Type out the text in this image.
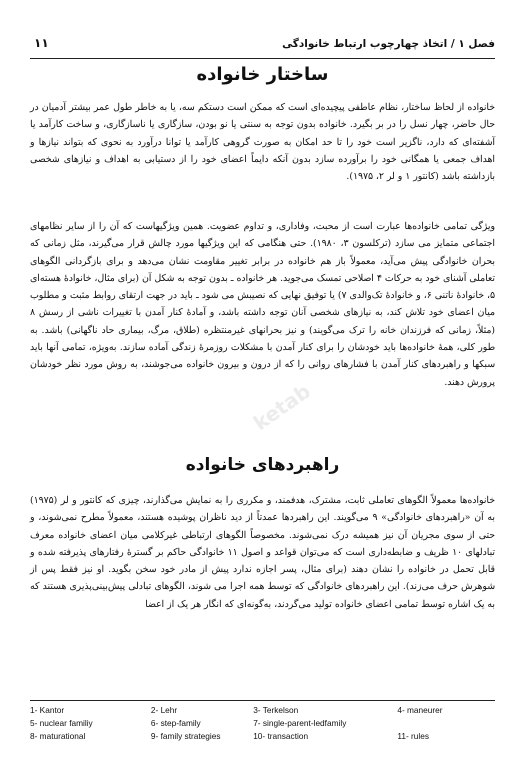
فصل ۱ / اتخاذ چهارچوب ارتباط خانوادگی
۱۱
ساختار خانواده

خانواده از لحاظ ساختار، نظام عاطفی پیچیده‌ای است که ممکن است دستکم سه، یا به خاطر طول عمر بیشتر آدمیان در حال حاضر، چهار نسل را در بر بگیرد. خانواده بدون توجه به سنتی یا نو بودن، سازگاری یا ناسازگاری، و ساخت کارآمد یا آشفته‌ای که دارد، ناگزیر است خود را تا حد امکان به صورت گروهی کارآمد یا توانا درآورد به نحوی که بتواند نیازها و اهداف جمعی یا همگانی خود را برآورده سازد بدون آنکه دایماً اعضای خود را از دستیابی به اهداف و نیازهای شخصی بازداشته باشد (کانتور ۱ و لر ۲، ۱۹۷۵).

ویژگی تمامی خانواده‌ها عبارت است از محبت، وفاداری، و تداوم عضویت. همین ویژگیهاست که آن را از سایر نظامهای اجتماعی متمایز می سازد (ترکلسون ۳، ۱۹۸۰). حتی هنگامی که این ویژگیها مورد چالش قرار می‌گیرند، مثل زمانی که بحران خانوادگی پیش می‌آید، معمولاً باز هم خانواده در برابر تغییر مقاومت نشان می‌دهد و برای بازگردانی الگوهای تعاملی آشنای خود به حرکات ۴ اصلاحی تمسک می‌جوید. هر خانواده ـ بدون توجه به شکل آن (برای مثال، خانوادهٔ هسته‌ای ۵، خانوادهٔ ناتنی ۶، و خانوادهٔ تک‌والدی ۷) یا توفیق نهایی که نصیبش می شود ـ باید در جهت ارتقای روابط مثبت و مطلوب میان اعضای خود تلاش کند، به نیازهای شخصی آنان توجه داشته باشد، و آمادهٔ کنار آمدن با تغییرات ناشی از رسش ۸ (مثلاً، زمانی که فرزندان خانه را ترک می‌گویند) و نیز بحرانهای غیرمنتظره (طلاق، مرگ، بیماری حاد ناگهانی) باشد. به طور کلی، همهٔ خانواده‌ها باید خودشان را برای کنار آمدن با مشکلات روزمرهٔ زندگی آماده سازند. به‌ویژه، تمامی آنها باید سبکها و راهبردهای کنار آمدن با فشارهای روانی را که از درون و بیرون خانواده می‌جوشند، به روش مورد نظر خودشان پرورش دهند.

ketab
راهبردهای خانواده

خانواده‌ها معمولاً الگوهای تعاملی ثابت، مشترک، هدفمند، و مکرری را به نمایش می‌گذارند، چیزی که کانتور و لر (۱۹۷۵) به آن «راهبردهای خانوادگی» ۹ می‌گویند. این راهبردها عمدتاً از دید ناظران پوشیده هستند، معمولاً مطرح نمی‌شوند، و حتی از سوی مجریان آن نیز همیشه درک نمی‌شوند. مخصوصاً الگوهای ارتباطی غیرکلامی میان اعضای خانواده معرف تبادلهای ۱۰ ظریف و ضابطه‌داری است که می‌توان قواعد و اصول ۱۱ خانوادگی حاکم بر گسترهٔ رفتارهای پذیرفته شده و قابل تحمل در خانواده را نشان دهند (برای مثال، پسر اجازه ندارد پیش از مادر خود سخن بگوید. او نیز فقط پس از شوهرش حرف می‌زند). این راهبردهای خانوادگی که توسط همه اجرا می شوند، الگوهای تبادلی پیش‌بینی‌پذیری هستند که به یک اشاره توسط تمامی اعضای خانواده تولید می‌گردند، به‌گونه‌ای که انگار هر یک از اعضا

1- Kantor	2- Lehr	3- Terkelson	4- maneurer
5- nuclear familiy	6- step-family	7- single-parent-ledfamily
8- maturational	9- family strategies	10- transaction	11- rules
